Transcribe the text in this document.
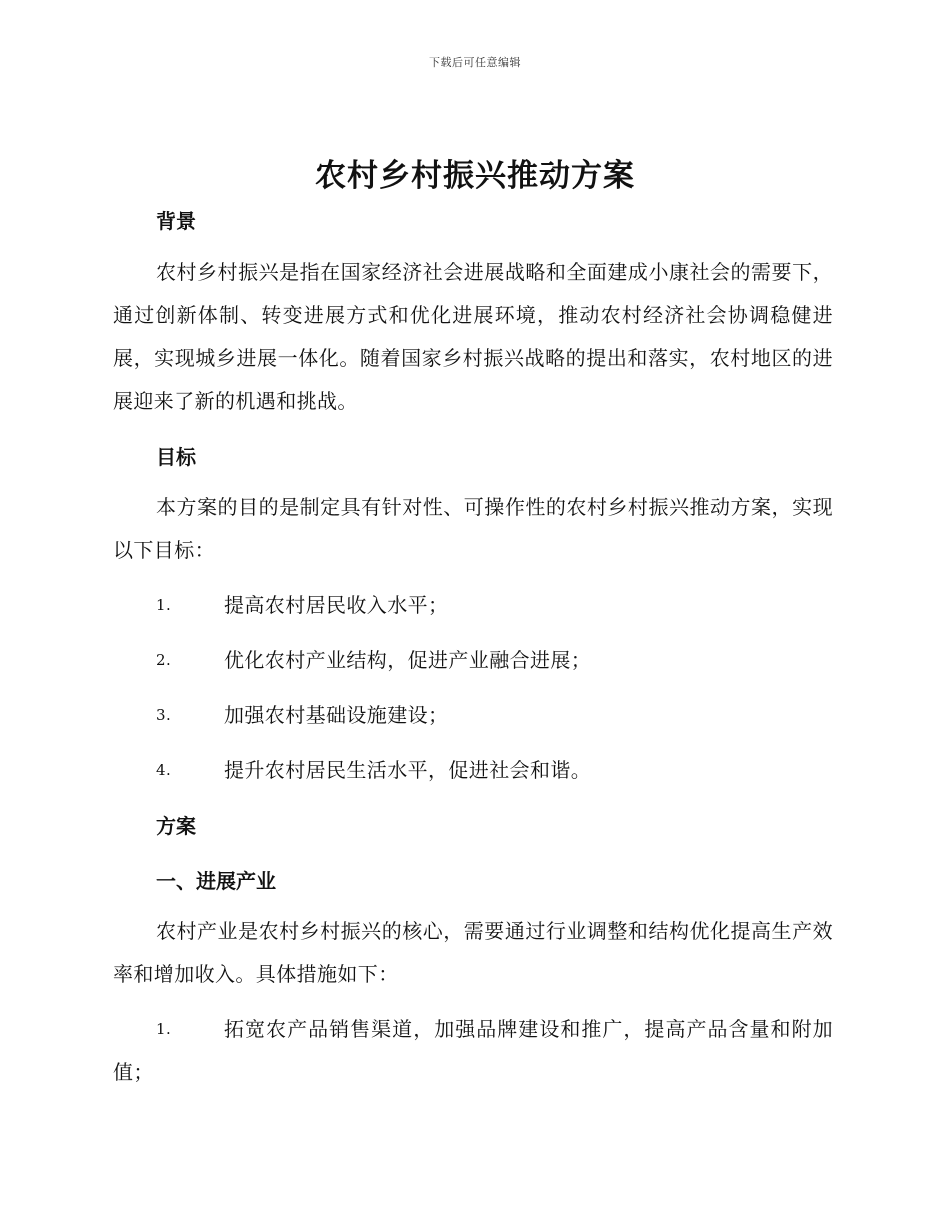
下载后可任意编辑
农村乡村振兴推动方案
背景
农村乡村振兴是指在国家经济社会进展战略和全面建成小康社会的需要下，通过创新体制、转变进展方式和优化进展环境，推动农村经济社会协调稳健进展，实现城乡进展一体化。随着国家乡村振兴战略的提出和落实，农村地区的进展迎来了新的机遇和挑战。
目标
本方案的目的是制定具有针对性、可操作性的农村乡村振兴推动方案，实现以下目标：
1.	提高农村居民收入水平；
2.	优化农村产业结构，促进产业融合进展；
3.	加强农村基础设施建设；
4.	提升农村居民生活水平，促进社会和谐。
方案
一、进展产业
农村产业是农村乡村振兴的核心，需要通过行业调整和结构优化提高生产效率和增加收入。具体措施如下：
1.	拓宽农产品销售渠道，加强品牌建设和推广，提高产品含量和附加值；
